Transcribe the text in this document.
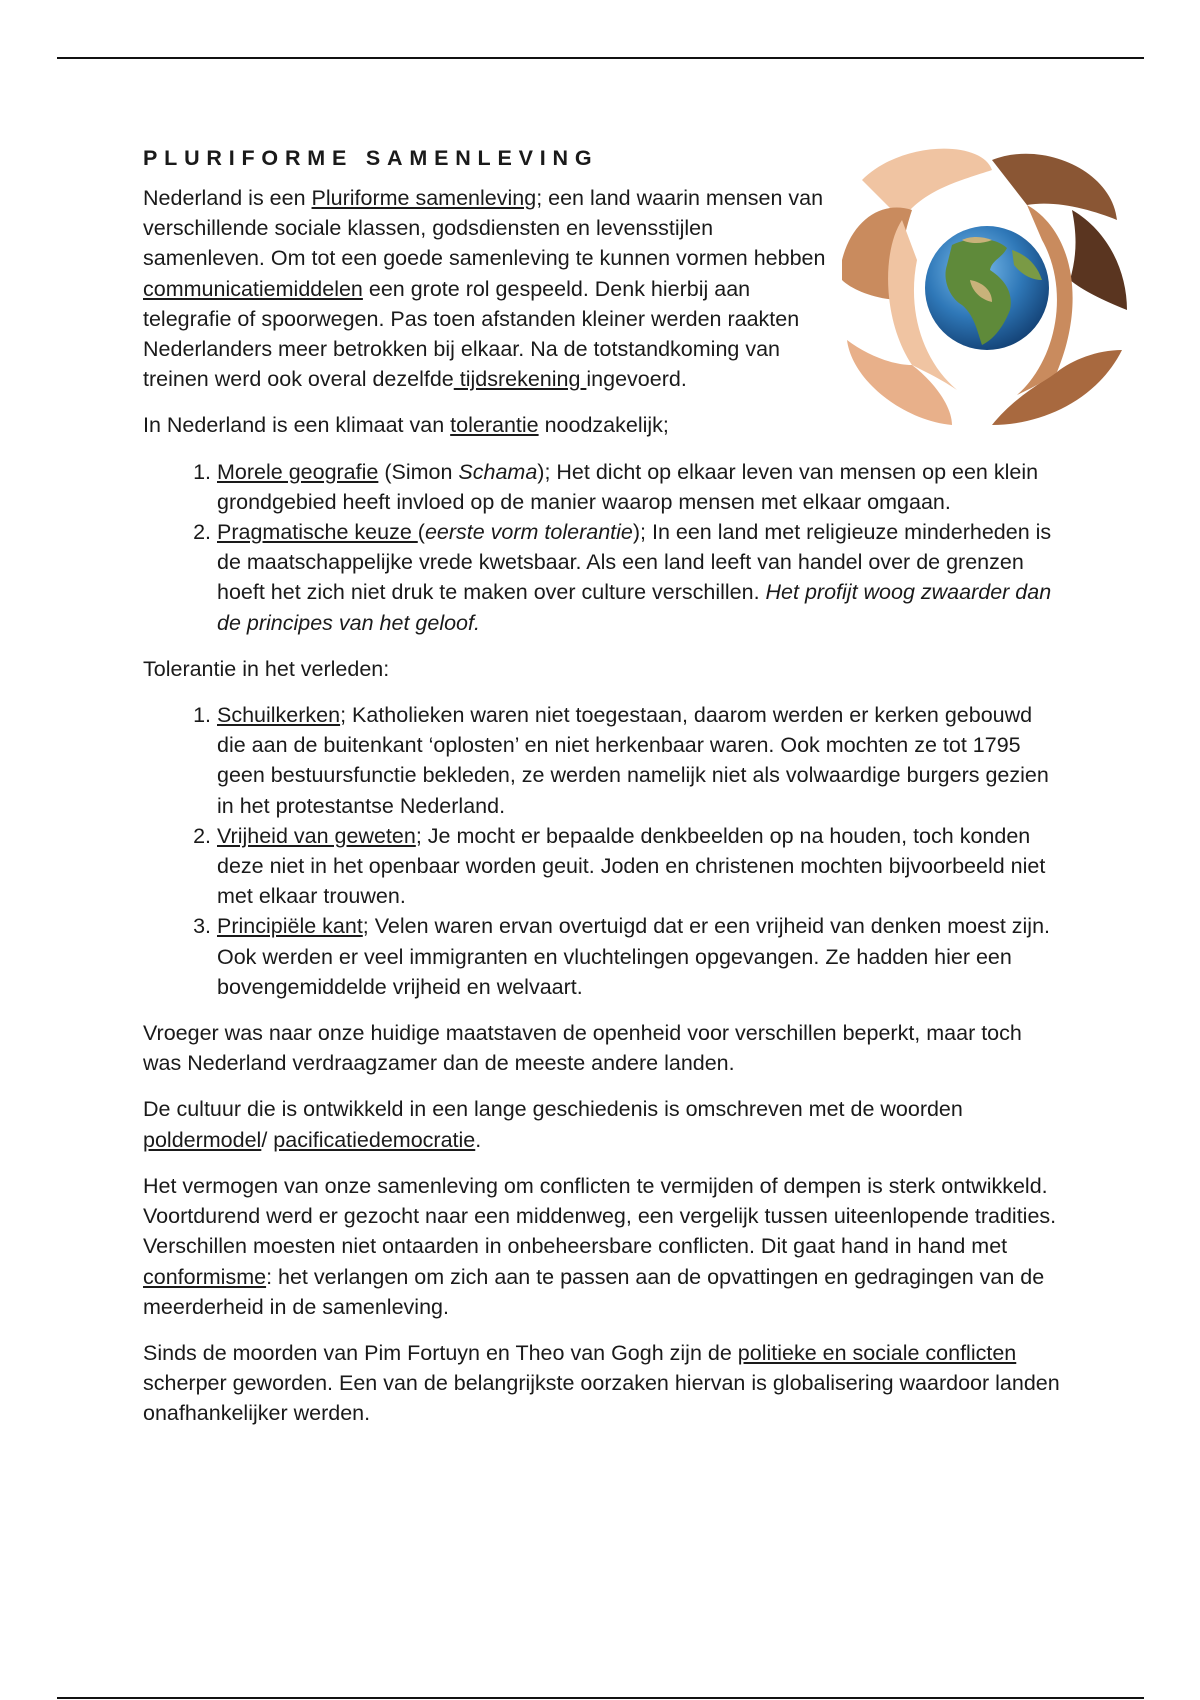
PLURIFORME SAMENLEVING

Nederland is een Pluriforme samenleving; een land waarin mensen van verschillende sociale klassen, godsdiensten en levensstijlen samenleven. Om tot een goede samenleving te kunnen vormen hebben communicatiemiddelen een grote rol gespeeld. Denk hierbij aan telegrafie of spoorwegen. Pas toen afstanden kleiner werden raakten Nederlanders meer betrokken bij elkaar. Na de totstandkoming van treinen werd ook overal dezelfde tijdsrekening ingevoerd.

In Nederland is een klimaat van tolerantie noodzakelijk;

1. Morele geografie (Simon Schama); Het dicht op elkaar leven van mensen op een klein grondgebied heeft invloed op de manier waarop mensen met elkaar omgaan.
2. Pragmatische keuze (eerste vorm tolerantie); In een land met religieuze minderheden is de maatschappelijke vrede kwetsbaar. Als een land leeft van handel over de grenzen hoeft het zich niet druk te maken over culture verschillen. Het profijt woog zwaarder dan de principes van het geloof.

Tolerantie in het verleden:

1. Schuilkerken; Katholieken waren niet toegestaan, daarom werden er kerken gebouwd die aan de buitenkant ‘oplosten’ en niet herkenbaar waren. Ook mochten ze tot 1795 geen bestuursfunctie bekleden, ze werden namelijk niet als volwaardige burgers gezien in het protestantse Nederland.
2. Vrijheid van geweten; Je mocht er bepaalde denkbeelden op na houden, toch konden deze niet in het openbaar worden geuit. Joden en christenen mochten bijvoorbeeld niet met elkaar trouwen.
3. Principiële kant; Velen waren ervan overtuigd dat er een vrijheid van denken moest zijn. Ook werden er veel immigranten en vluchtelingen opgevangen. Ze hadden hier een bovengemiddelde vrijheid en welvaart.

Vroeger was naar onze huidige maatstaven de openheid voor verschillen beperkt, maar toch was Nederland verdraagzamer dan de meeste andere landen.

De cultuur die is ontwikkeld in een lange geschiedenis is omschreven met de woorden poldermodel/ pacificatiedemocratie.

Het vermogen van onze samenleving om conflicten te vermijden of dempen is sterk ontwikkeld. Voortdurend werd er gezocht naar een middenweg, een vergelijk tussen uiteenlopende tradities. Verschillen moesten niet ontaarden in onbeheersbare conflicten. Dit gaat hand in hand met conformisme: het verlangen om zich aan te passen aan de opvattingen en gedragingen van de meerderheid in de samenleving.

Sinds de moorden van Pim Fortuyn en Theo van Gogh zijn de politieke en sociale conflicten scherper geworden. Een van de belangrijkste oorzaken hiervan is globalisering waardoor landen onafhankelijker werden.
